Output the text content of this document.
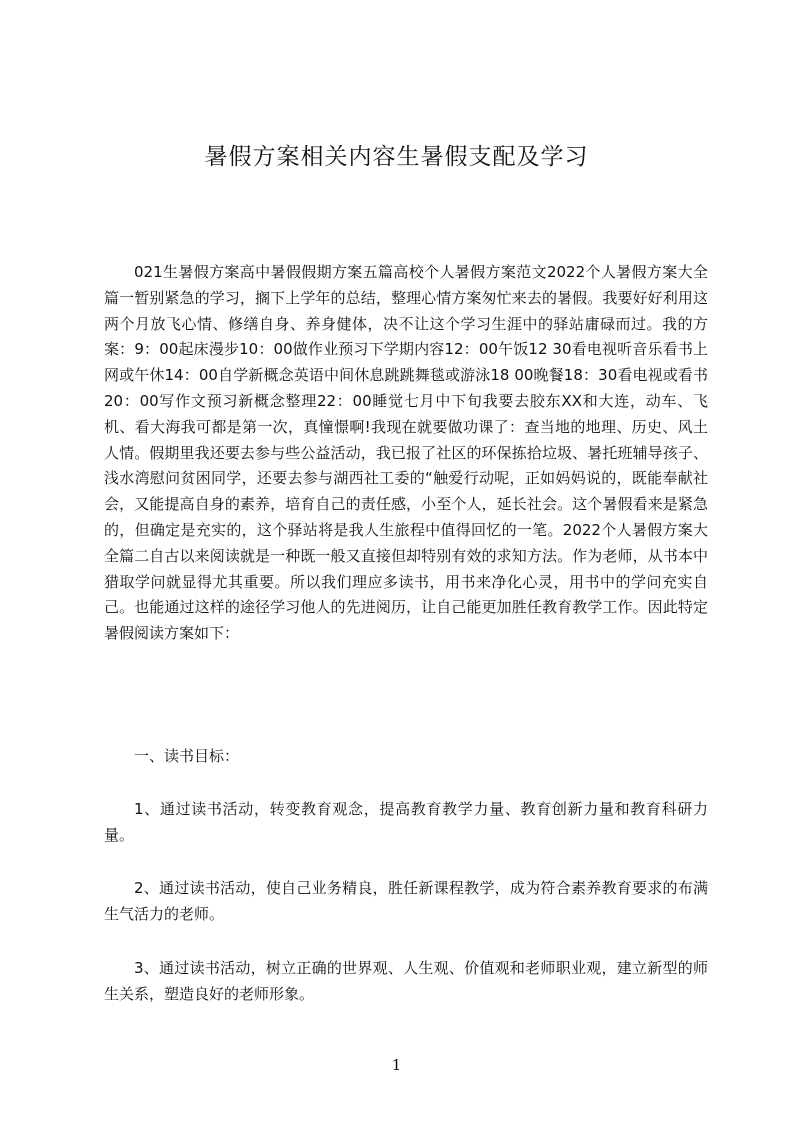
暑假方案相关内容生暑假支配及学习

021生暑假方案高中暑假假期方案五篇高校个人暑假方案范文2022个人暑假方案大全篇一暂别紧急的学习，搁下上学年的总结，整理心情方案匆忙来去的暑假。我要好好利用这两个月放飞心情、修缮自身、养身健体，决不让这个学习生涯中的驿站庸碌而过。我的方案：9：00起床漫步10：00做作业预习下学期内容12：00午饭12 30看电视听音乐看书上网或午休14：00自学新概念英语中间休息跳跳舞毯或游泳18 00晚餐18：30看电视或看书20：00写作文预习新概念整理22：00睡觉七月中下旬我要去胶东XX和大连，动车、飞机、看大海我可都是第一次，真憧憬啊!我现在就要做功课了：查当地的地理、历史、风土人情。假期里我还要去参与些公益活动，我已报了社区的环保拣拾垃圾、暑托班辅导孩子、浅水湾慰问贫困同学，还要去参与湖西社工委的“触爱行动呢，正如妈妈说的，既能奉献社会，又能提高自身的素养，培育自己的责任感，小至个人，延长社会。这个暑假看来是紧急的，但确定是充实的，这个驿站将是我人生旅程中值得回忆的一笔。2022个人暑假方案大全篇二自古以来阅读就是一种既一般又直接但却特别有效的求知方法。作为老师，从书本中猎取学问就显得尤其重要。所以我们理应多读书，用书来净化心灵，用书中的学问充实自己。也能通过这样的途径学习他人的先进阅历，让自己能更加胜任教育教学工作。因此特定暑假阅读方案如下：

一、读书目标：

1、通过读书活动，转变教育观念，提高教育教学力量、教育创新力量和教育科研力量。

2、通过读书活动，使自己业务精良，胜任新课程教学，成为符合素养教育要求的布满生气活力的老师。

3、通过读书活动，树立正确的世界观、人生观、价值观和老师职业观，建立新型的师生关系，塑造良好的老师形象。

1
